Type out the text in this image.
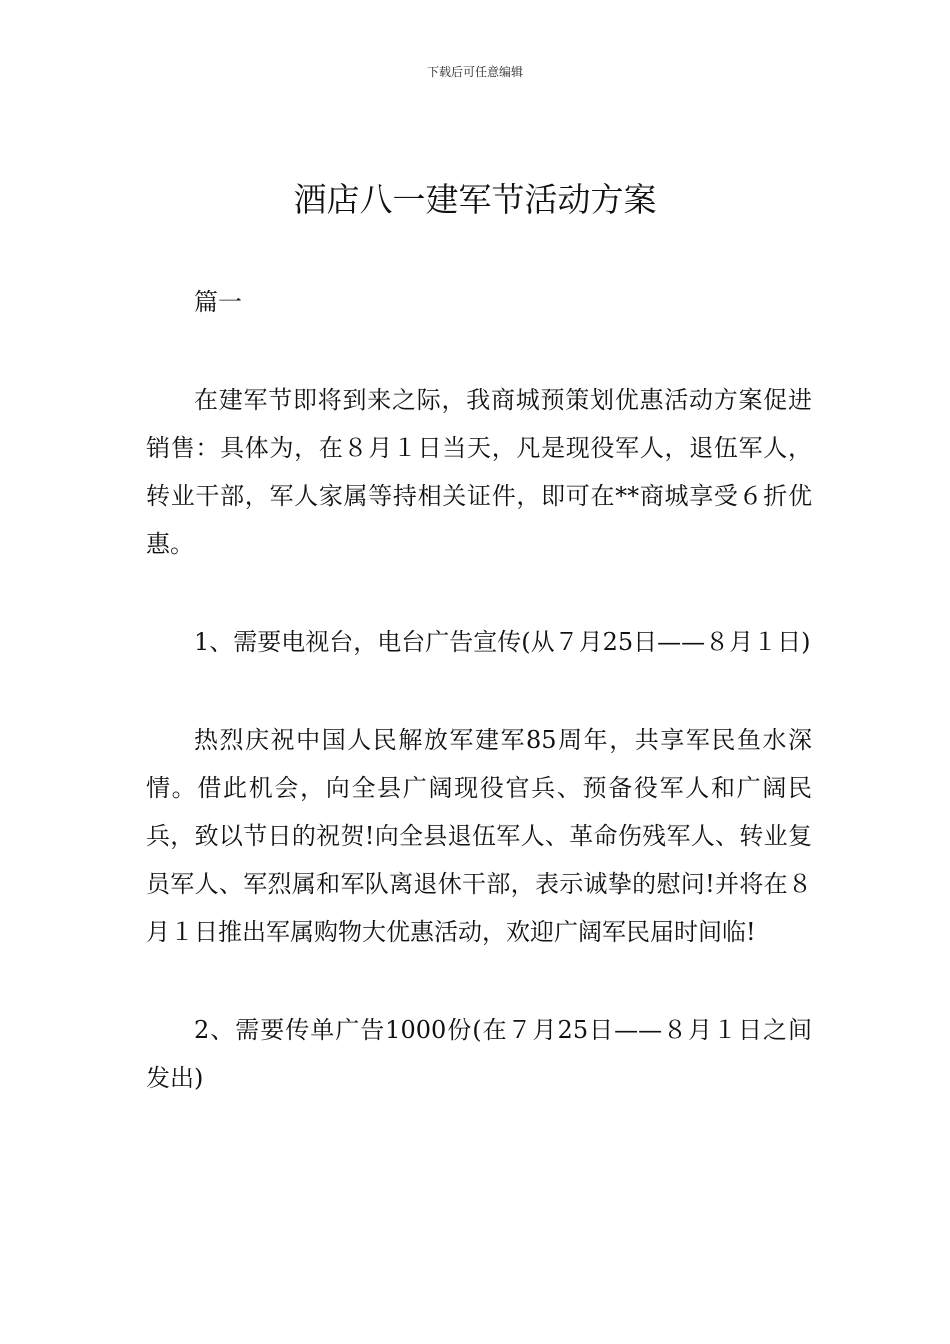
下载后可任意编辑
酒店八一建军节活动方案

篇一

在建军节即将到来之际，我商城预策划优惠活动方案促进销售：具体为，在８月１日当天，凡是现役军人，退伍军人，转业干部，军人家属等持相关证件，即可在**商城享受６折优惠。

1、需要电视台，电台广告宣传(从７月25日——８月１日)

热烈庆祝中国人民解放军建军85周年，共享军民鱼水深情。借此机会，向全县广阔现役官兵、预备役军人和广阔民兵，致以节日的祝贺!向全县退伍军人、革命伤残军人、转业复员军人、军烈属和军队离退休干部，表示诚挚的慰问!并将在８月１日推出军属购物大优惠活动，欢迎广阔军民届时间临!

2、需要传单广告1000份(在７月25日——８月１日之间发出)
